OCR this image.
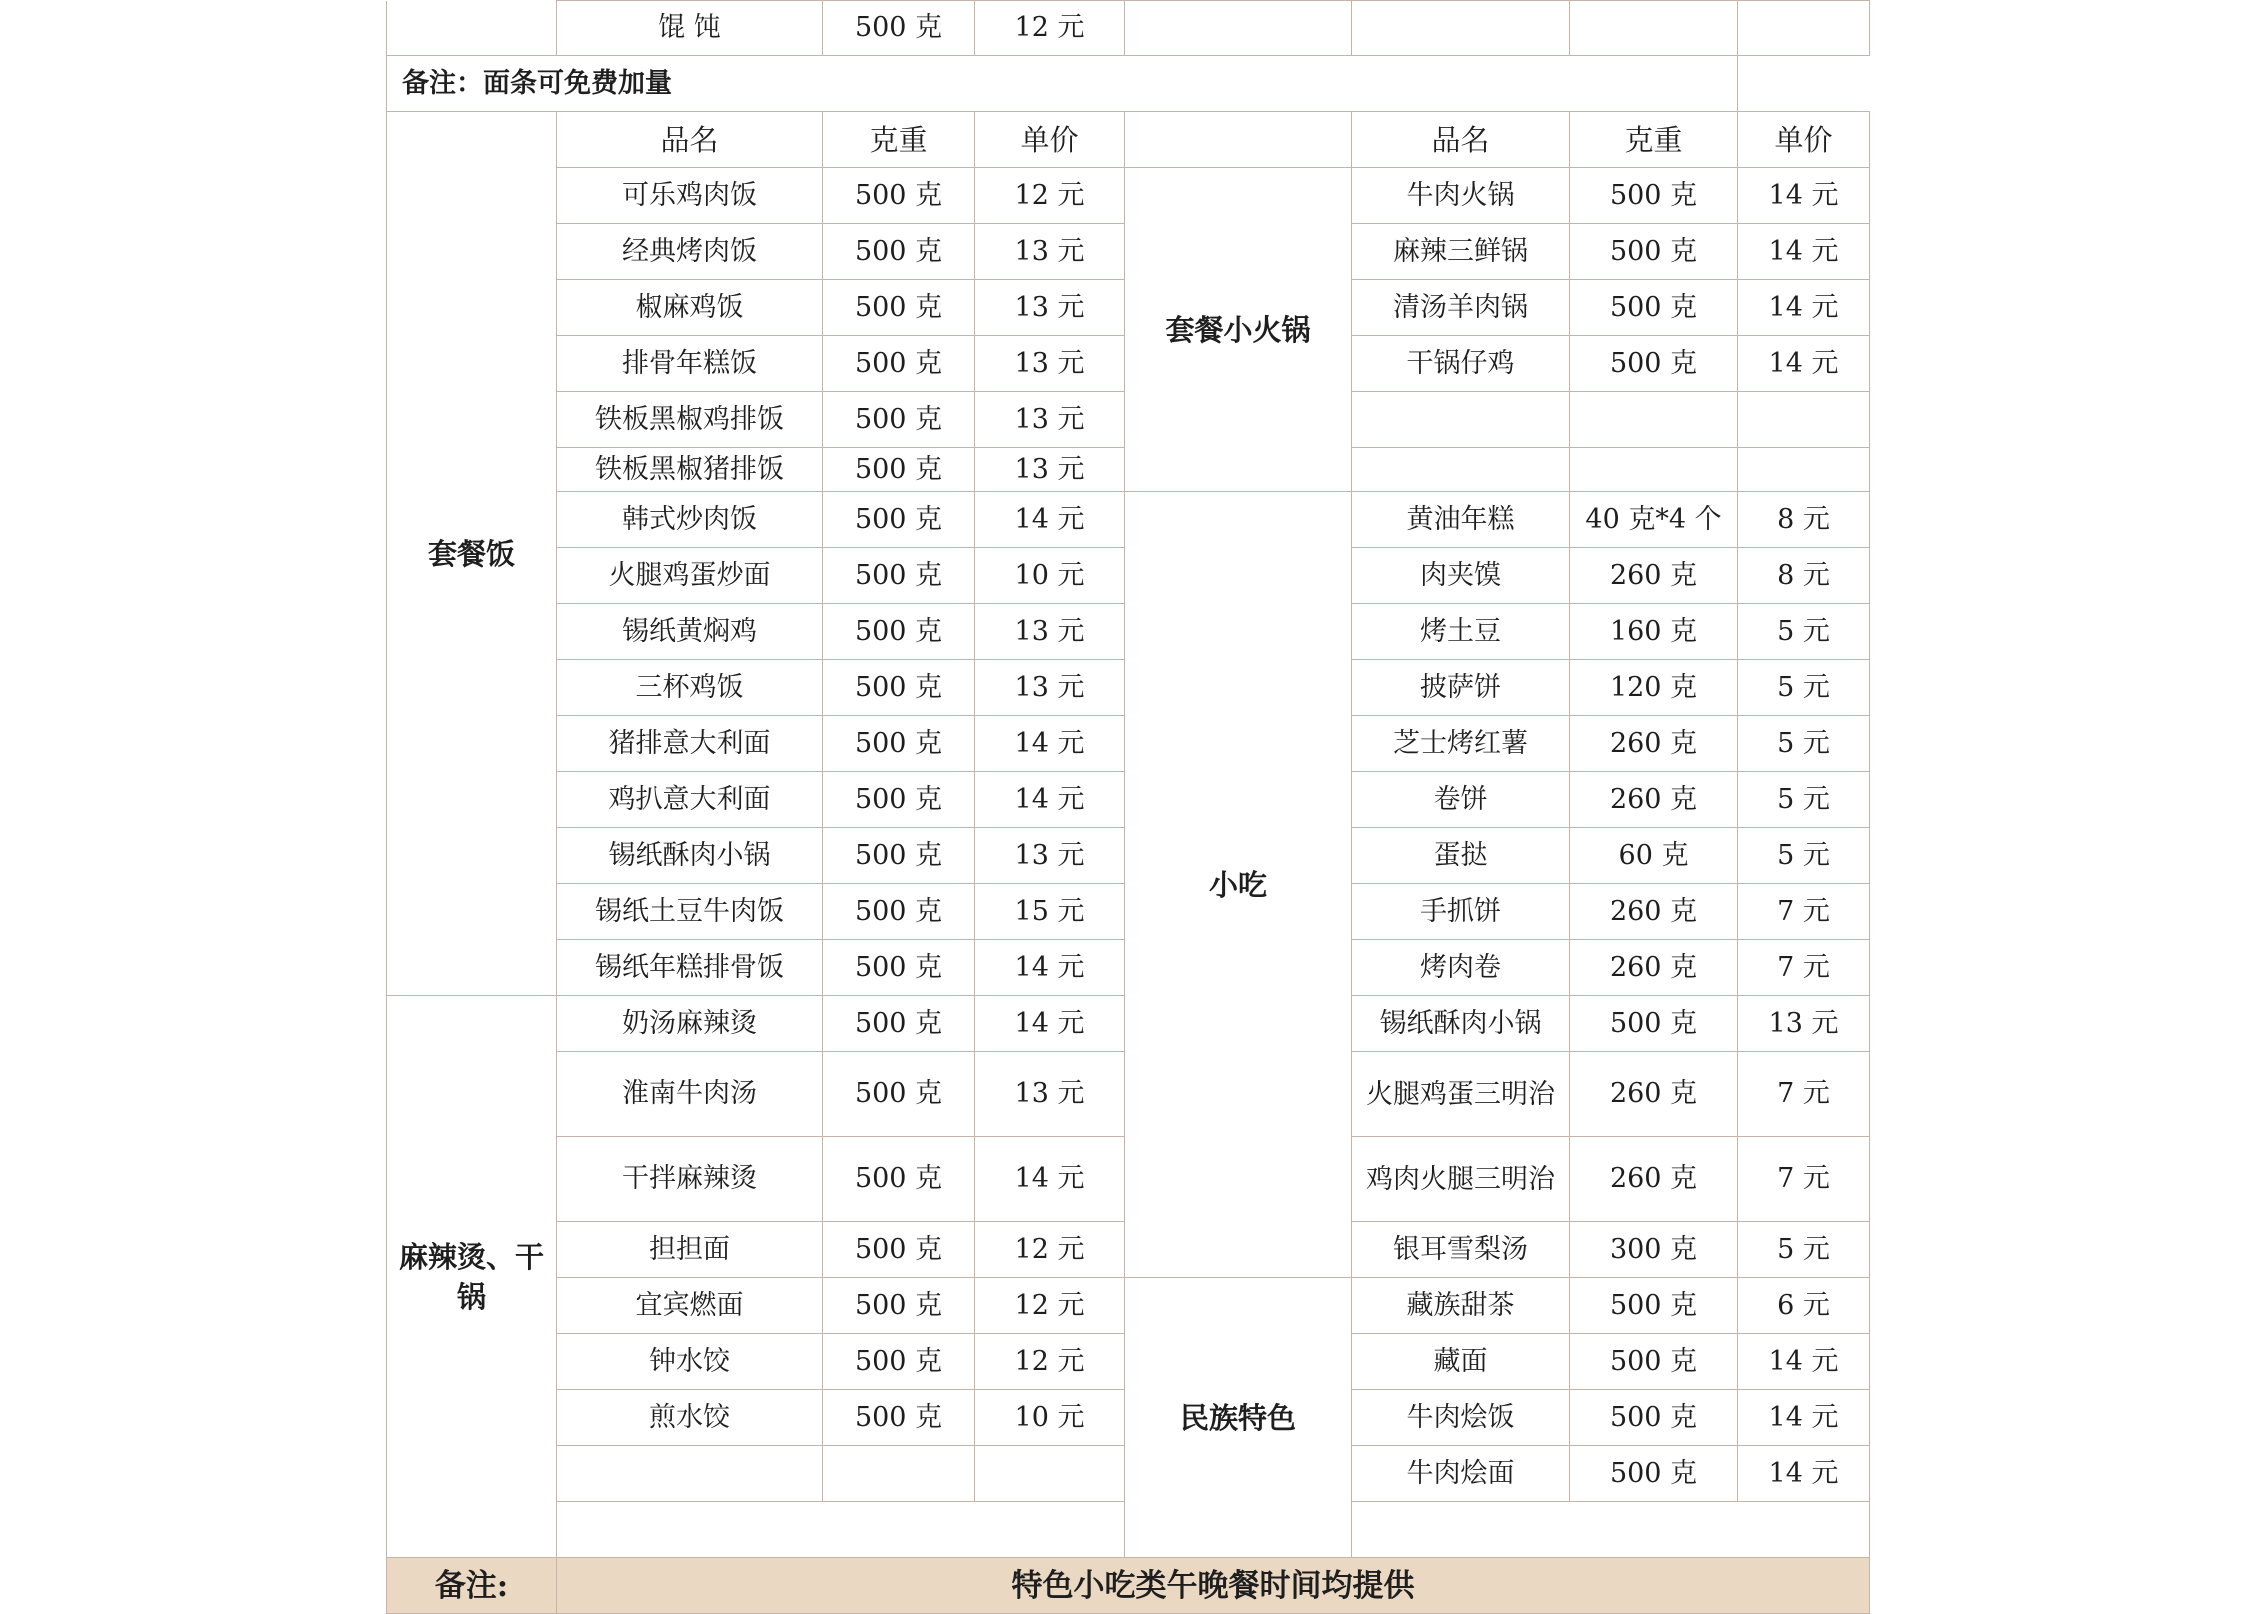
	馄 饨	500 克	12 元				
备注：面条可免费加量							
套餐饭	品名	克重	单价		品名	克重	单价
	可乐鸡肉饭	500 克	12 元	套餐小火锅	牛肉火锅	500 克	14 元
	经典烤肉饭	500 克	13 元		麻辣三鲜锅	500 克	14 元
	椒麻鸡饭	500 克	13 元		清汤羊肉锅	500 克	14 元
	排骨年糕饭	500 克	13 元		干锅仔鸡	500 克	14 元
	铁板黑椒鸡排饭	500 克	13 元				
	铁板黑椒猪排饭	500 克	13 元				
	韩式炒肉饭	500 克	14 元	小吃	黄油年糕	40 克*4 个	8 元
	火腿鸡蛋炒面	500 克	10 元		肉夹馍	260 克	8 元
	锡纸黄焖鸡	500 克	13 元		烤土豆	160 克	5 元
	三杯鸡饭	500 克	13 元		披萨饼	120 克	5 元
	猪排意大利面	500 克	14 元		芝士烤红薯	260 克	5 元
	鸡扒意大利面	500 克	14 元		卷饼	260 克	5 元
	锡纸酥肉小锅	500 克	13 元		蛋挞	60 克	5 元
	锡纸土豆牛肉饭	500 克	15 元		手抓饼	260 克	7 元
	锡纸年糕排骨饭	500 克	14 元		烤肉卷	260 克	7 元
麻辣烫、干锅	奶汤麻辣烫	500 克	14 元		锡纸酥肉小锅	500 克	13 元
	淮南牛肉汤	500 克	13 元		火腿鸡蛋三明治	260 克	7 元
	干拌麻辣烫	500 克	14 元		鸡肉火腿三明治	260 克	7 元
	担担面	500 克	12 元		银耳雪梨汤	300 克	5 元
	宜宾燃面	500 克	12 元	民族特色	藏族甜茶	500 克	6 元
	钟水饺	500 克	12 元		藏面	500 克	14 元
	煎水饺	500 克	10 元		牛肉烩饭	500 克	14 元
					牛肉烩面	500 克	14 元

备注:	特色小吃类午晚餐时间均提供						
